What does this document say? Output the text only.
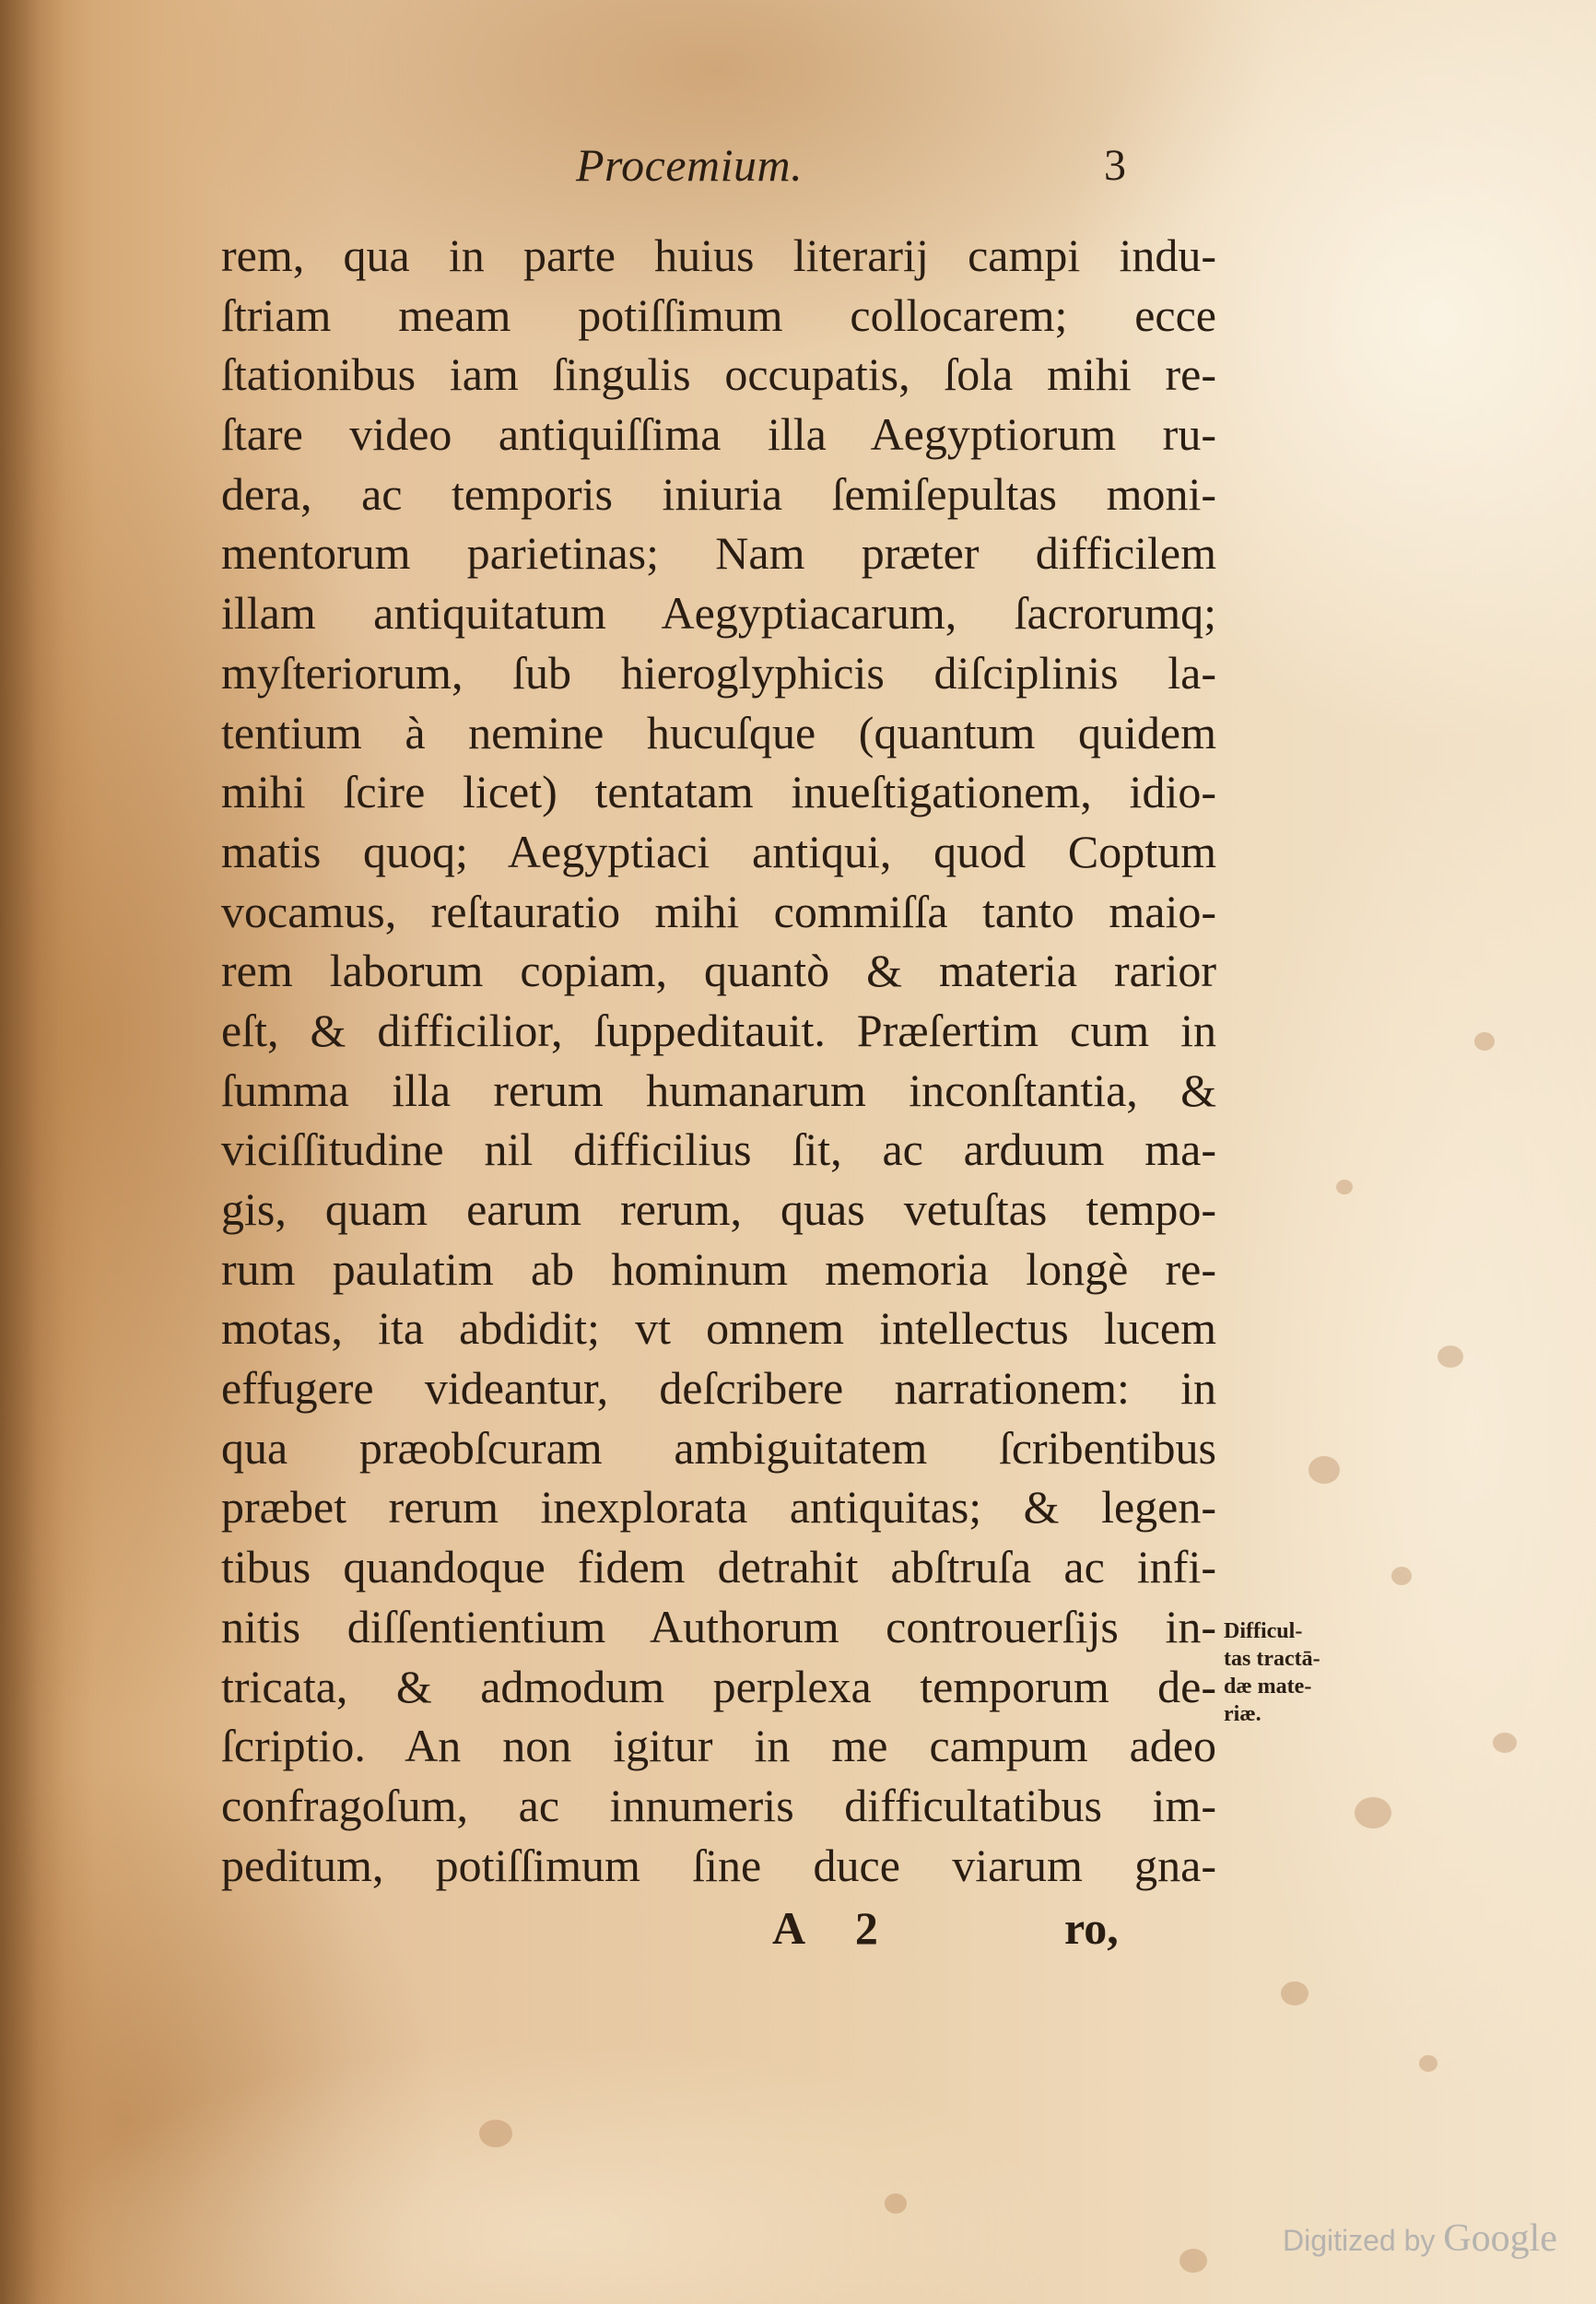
Procemium.	3
rem, qua in parte huius literarij campi indu-
ſtriam meam potiſſimum collocarem; ecce
ſtationibus iam ſingulis occupatis, ſola mihi re-
ſtare video antiquiſſima illa Aegyptiorum ru-
dera, ac temporis iniuria ſemiſepultas moni-
mentorum parietinas; Nam præter difficilem
illam antiquitatum Aegyptiacarum, ſacrorumq;
myſteriorum, ſub hieroglyphicis diſciplinis la-
tentium à nemine hucuſque (quantum quidem
mihi ſcire licet) tentatam inueſtigationem, idio-
matis quoq; Aegyptiaci antiqui, quod Coptum
vocamus, reſtauratio mihi commiſſa tanto maio-
rem laborum copiam, quantò & materia rarior
eſt, & difficilior, ſuppeditauit. Præſertim cum in
ſumma illa rerum humanarum inconſtantia, &
viciſſitudine nil difficilius ſit, ac arduum ma-
gis, quam earum rerum, quas vetuſtas tempo-
rum paulatim ab hominum memoria longè re-
motas, ita abdidit; vt omnem intellectus lucem
effugere videantur, deſcribere narrationem: in
qua præobſcuram ambiguitatem ſcribentibus
præbet rerum inexplorata antiquitas; & legen-
tibus quandoque fidem detrahit abſtruſa ac infi-
nitis diſſentientium Authorum controuerſijs in-
tricata, & admodum perplexa temporum de-
ſcriptio. An non igitur in me campum adeo
confragoſum, ac innumeris difficultatibus im-
peditum, potiſſimum ſine duce viarum gna-
Difficul-
tas tractā-
dæ mate-
riæ.
A 2	ro,
Digitized by Google
